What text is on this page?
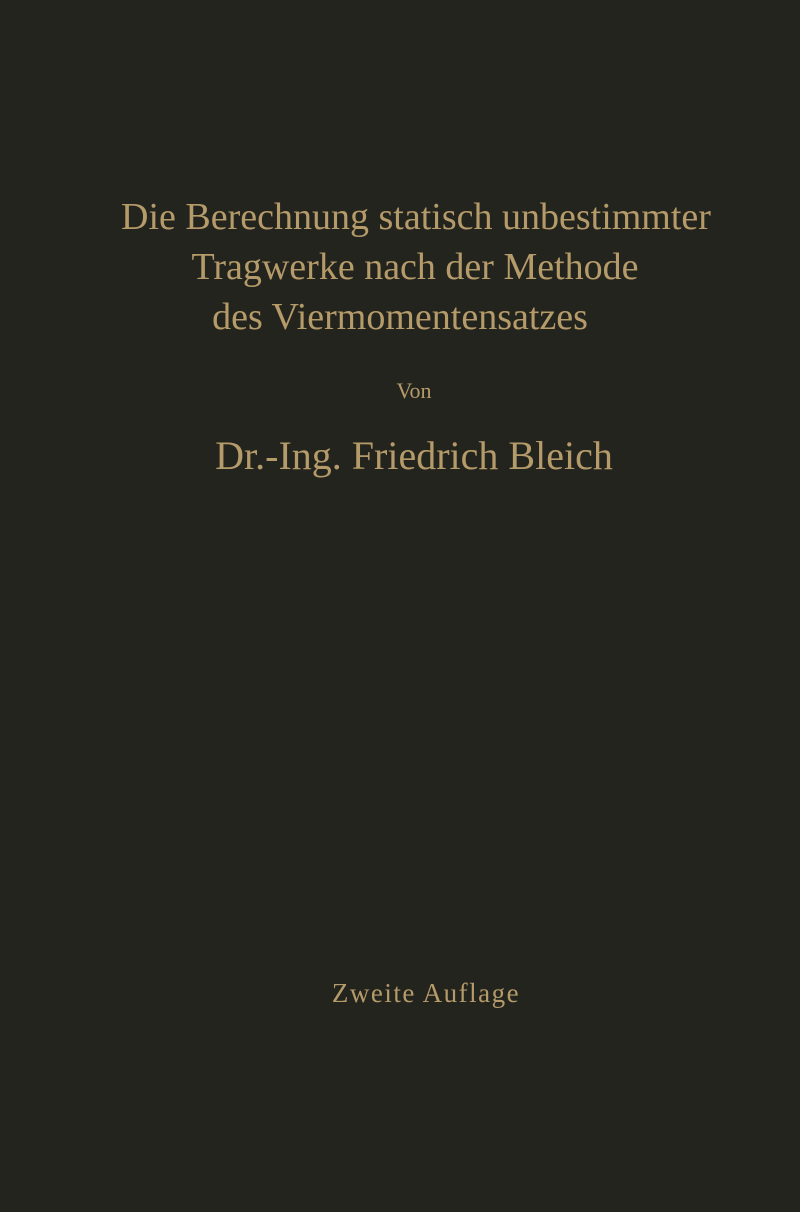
Die Berechnung statisch unbestimmter
Tragwerke nach der Methode
des Viermomentensatzes
Von
Dr.-Ing. Friedrich Bleich
Zweite Auflage
